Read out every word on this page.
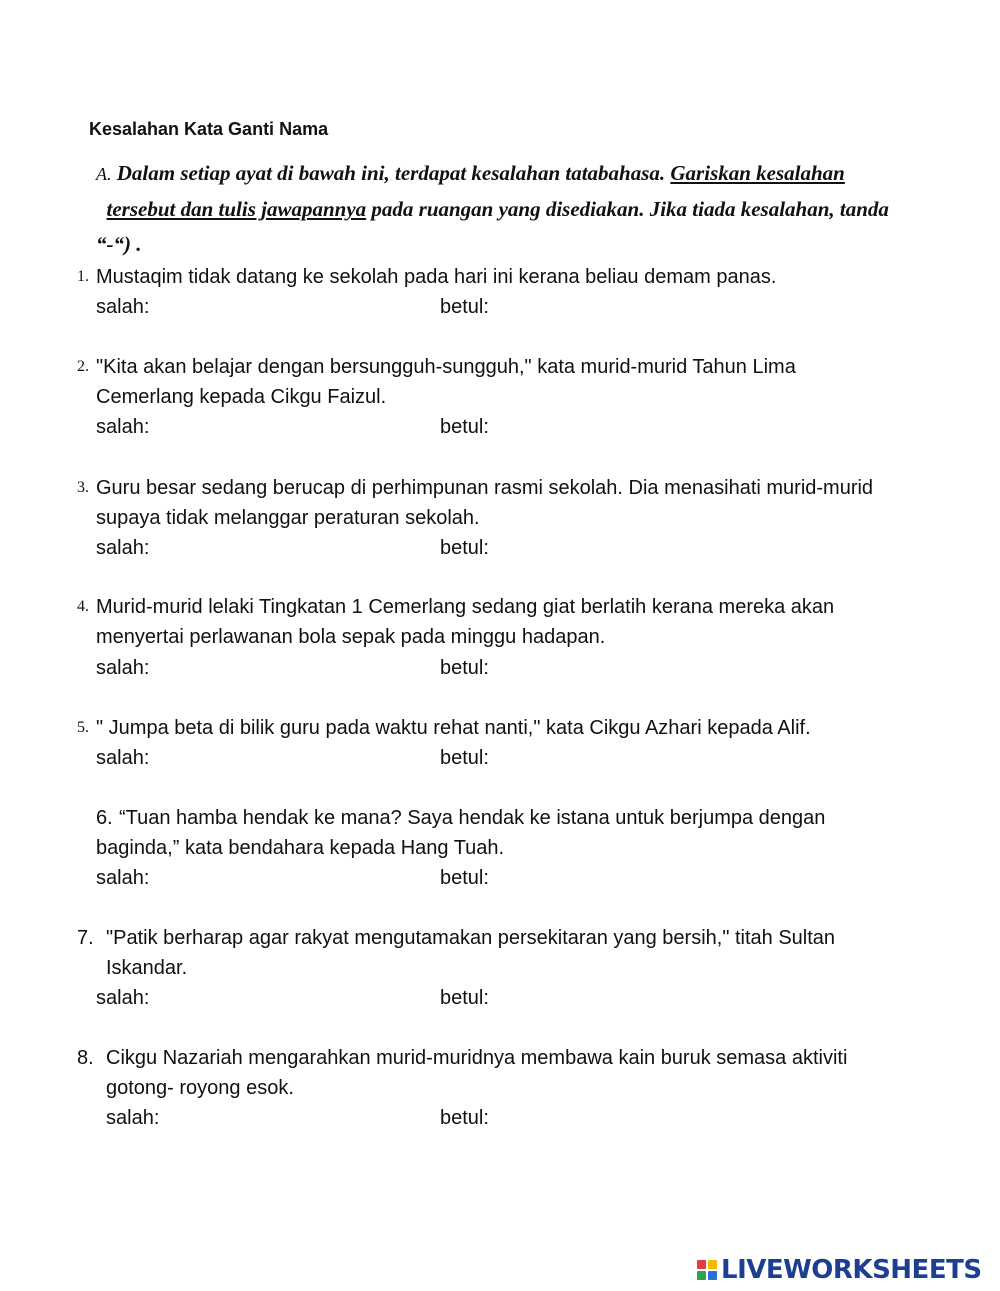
Kesalahan Kata Ganti Nama
A. Dalam setiap ayat di bawah ini, terdapat kesalahan tatabahasa. Gariskan kesalahan  tersebut dan tulis jawapannya pada ruangan yang disediakan. Jika tiada kesalahan, tanda “-“) .
1. Mustaqim tidak datang ke sekolah pada hari ini kerana beliau demam panas.
salah:	betul:
2. "Kita akan belajar dengan bersungguh-sungguh," kata murid-murid Tahun Lima
Cemerlang kepada Cikgu Faizul.
salah:	betul:
3. Guru besar sedang berucap di perhimpunan rasmi sekolah. Dia menasihati murid-murid
supaya tidak melanggar peraturan sekolah.
salah:	betul:
4. Murid-murid lelaki Tingkatan 1 Cemerlang sedang giat berlatih kerana mereka akan
menyertai perlawanan bola sepak pada minggu hadapan.
salah:	betul:
5. " Jumpa beta di bilik guru pada waktu rehat nanti," kata Cikgu Azhari kepada Alif.
salah:	betul:
6. “Tuan hamba hendak ke mana? Saya hendak ke istana untuk berjumpa dengan
baginda,” kata bendahara kepada Hang Tuah.
salah:	betul:
7. "Patik berharap agar rakyat mengutamakan persekitaran yang bersih," titah Sultan
Iskandar.
salah:	betul:
8. Cikgu Nazariah mengarahkan murid-muridnya membawa kain buruk semasa aktiviti
gotong- royong esok.
salah:	betul:
LIVEWORKSHEETS
